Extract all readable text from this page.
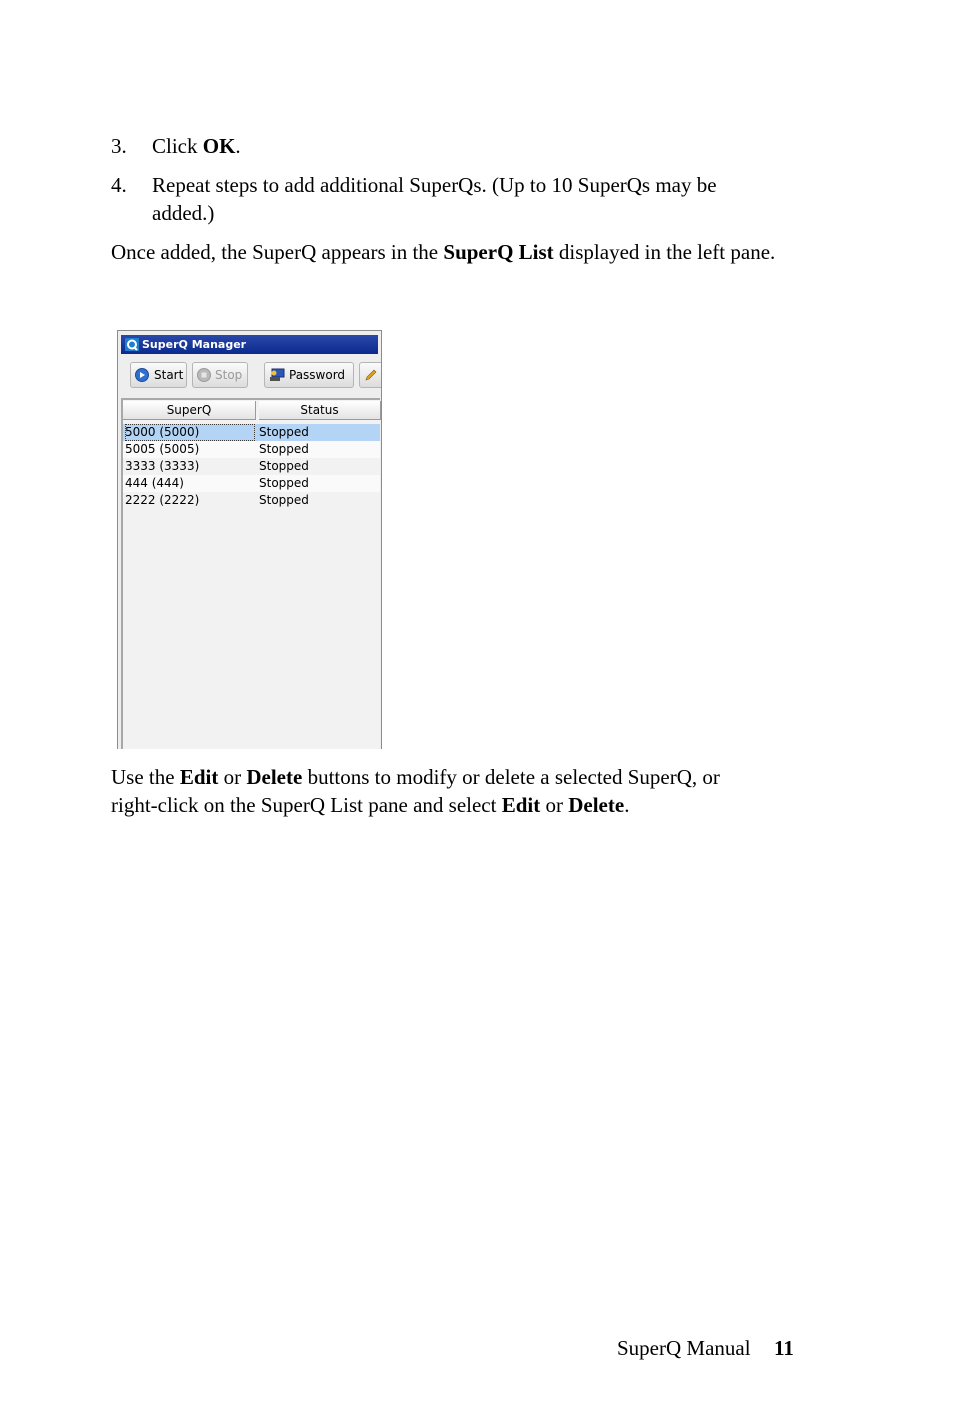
3. Click OK.
4. Repeat steps to add additional SuperQs. (Up to 10 SuperQs may be added.)

Once added, the SuperQ appears in the SuperQ List displayed in the left pane.

SuperQ Manager
Start	Stop	Password
SuperQ	Status
5000 (5000)	Stopped
5005 (5005)	Stopped
3333 (3333)	Stopped
444 (444)	Stopped
2222 (2222)	Stopped

Use the Edit or Delete buttons to modify or delete a selected SuperQ, or right-click on the SuperQ List pane and select Edit or Delete.

SuperQ Manual 11
